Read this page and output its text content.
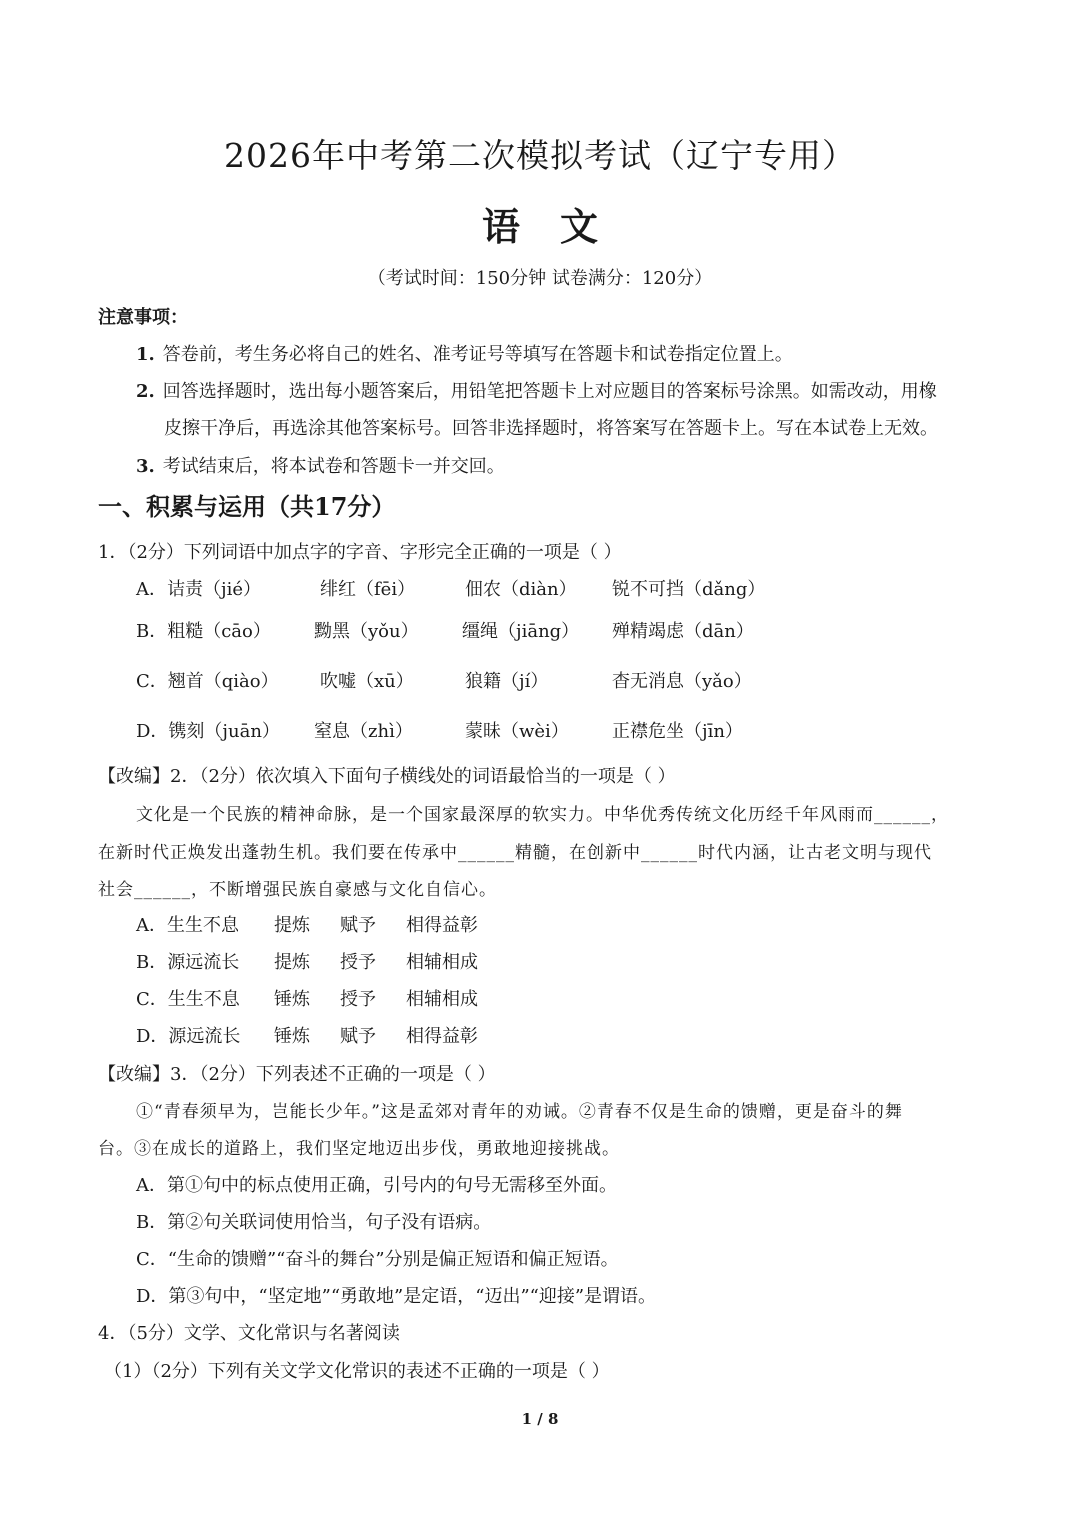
2026年中考第二次模拟考试（辽宁专用）
语文
（考试时间：150分钟 试卷满分：120分）
注意事项：
1. 答卷前，考生务必将自己的姓名、准考证号等填写在答题卡和试卷指定位置上。
2. 回答选择题时，选出每小题答案后，用铅笔把答题卡上对应题目的答案标号涂黑。如需改动，用橡
皮擦干净后，再选涂其他答案标号。回答非选择题时，将答案写在答题卡上。写在本试卷上无效。
3. 考试结束后，将本试卷和答题卡一并交回。
一、积累与运用（共17分）
1．（2分）下列词语中加点字的字音、字形完全正确的一项是（ ）
A．诘责（jié）	绯红（fēi）	佃农（diàn） 锐不可挡（dǎng）
B．粗糙（cāo） 黝黑（yǒu） 缰绳（jiāng） 殚精竭虑（dān）
C．翘首（qiào） 吹嘘（xū）	狼籍（jí）	杳无消息（yǎo）
D．镌刻（juān） 窒息（zhì）	蒙昧（wèi） 正襟危坐（jīn）
【改编】2．（2分）依次填入下面句子横线处的词语最恰当的一项是（ ）
文化是一个民族的精神命脉，是一个国家最深厚的软实力。中华优秀传统文化历经千年风雨而______，
在新时代正焕发出蓬勃生机。我们要在传承中______精髓，在创新中______时代内涵，让古老文明与现代
社会______，不断增强民族自豪感与文化自信心。
A．生生不息 提炼 赋予 相得益彰
B．源远流长 提炼 授予 相辅相成
C．生生不息 锤炼 授予 相辅相成
D．源远流长 锤炼 赋予 相得益彰
【改编】3．（2分）下列表述不正确的一项是（ ）
①“青春须早为，岂能长少年。”这是孟郊对青年的劝诫。②青春不仅是生命的馈赠，更是奋斗的舞
台。③在成长的道路上，我们坚定地迈出步伐，勇敢地迎接挑战。
A．第①句中的标点使用正确，引号内的句号无需移至外面。
B．第②句关联词使用恰当，句子没有语病。
C．“生命的馈赠”“奋斗的舞台”分别是偏正短语和偏正短语。
D．第③句中，“坚定地”“勇敢地”是定语，“迈出”“迎接”是谓语。
4．（5分）文学、文化常识与名著阅读
（1）（2分）下列有关文学文化常识的表述不正确的一项是（ ）
1 / 8
